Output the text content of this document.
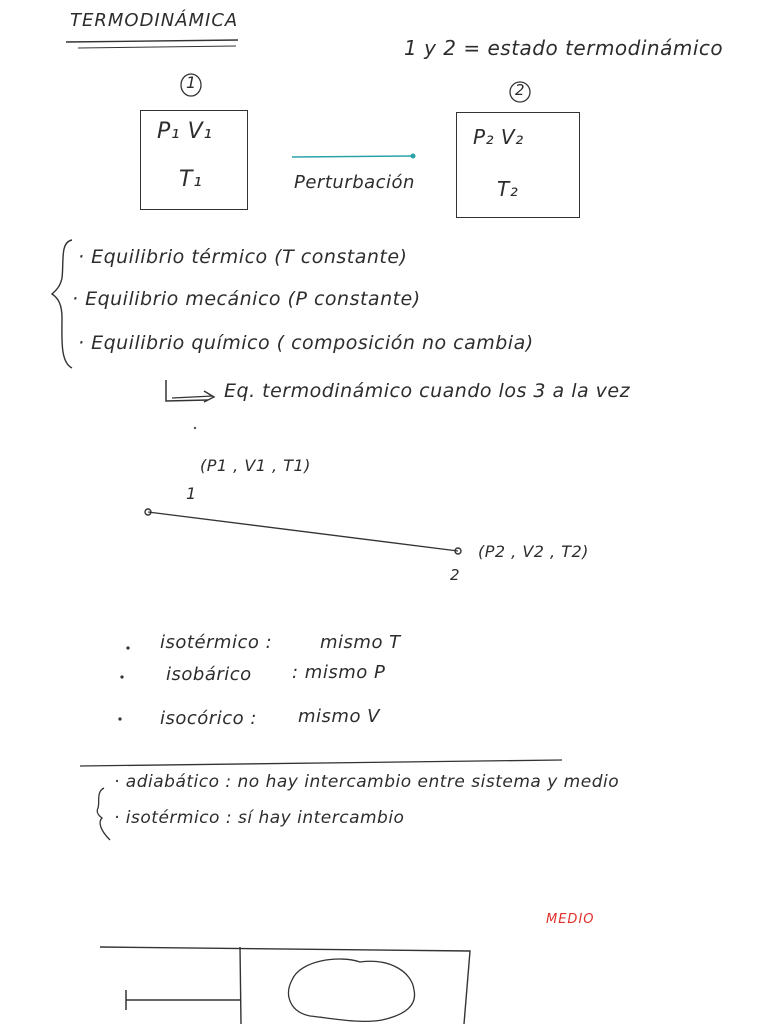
TERMODINÁMICA
1 y 2 = estado termodinámico
1
P₁ V₁
T₁	Perturbación
2
P₂ V₂
T₂
· Equilibrio térmico (T constante)
· Equilibrio mecánico (P constante)
· Equilibrio químico ( composición no cambia)
Eq. termodinámico cuando los 3 a la vez
(P1 , V1 , T1)
1
(P2 , V2 , T2)
2
isotérmico :	mismo T
isobárico : mismo P
isocórico : mismo V
· adiabático : no hay intercambio entre sistema y medio
· isotérmico : sí hay intercambio
MEDIO
